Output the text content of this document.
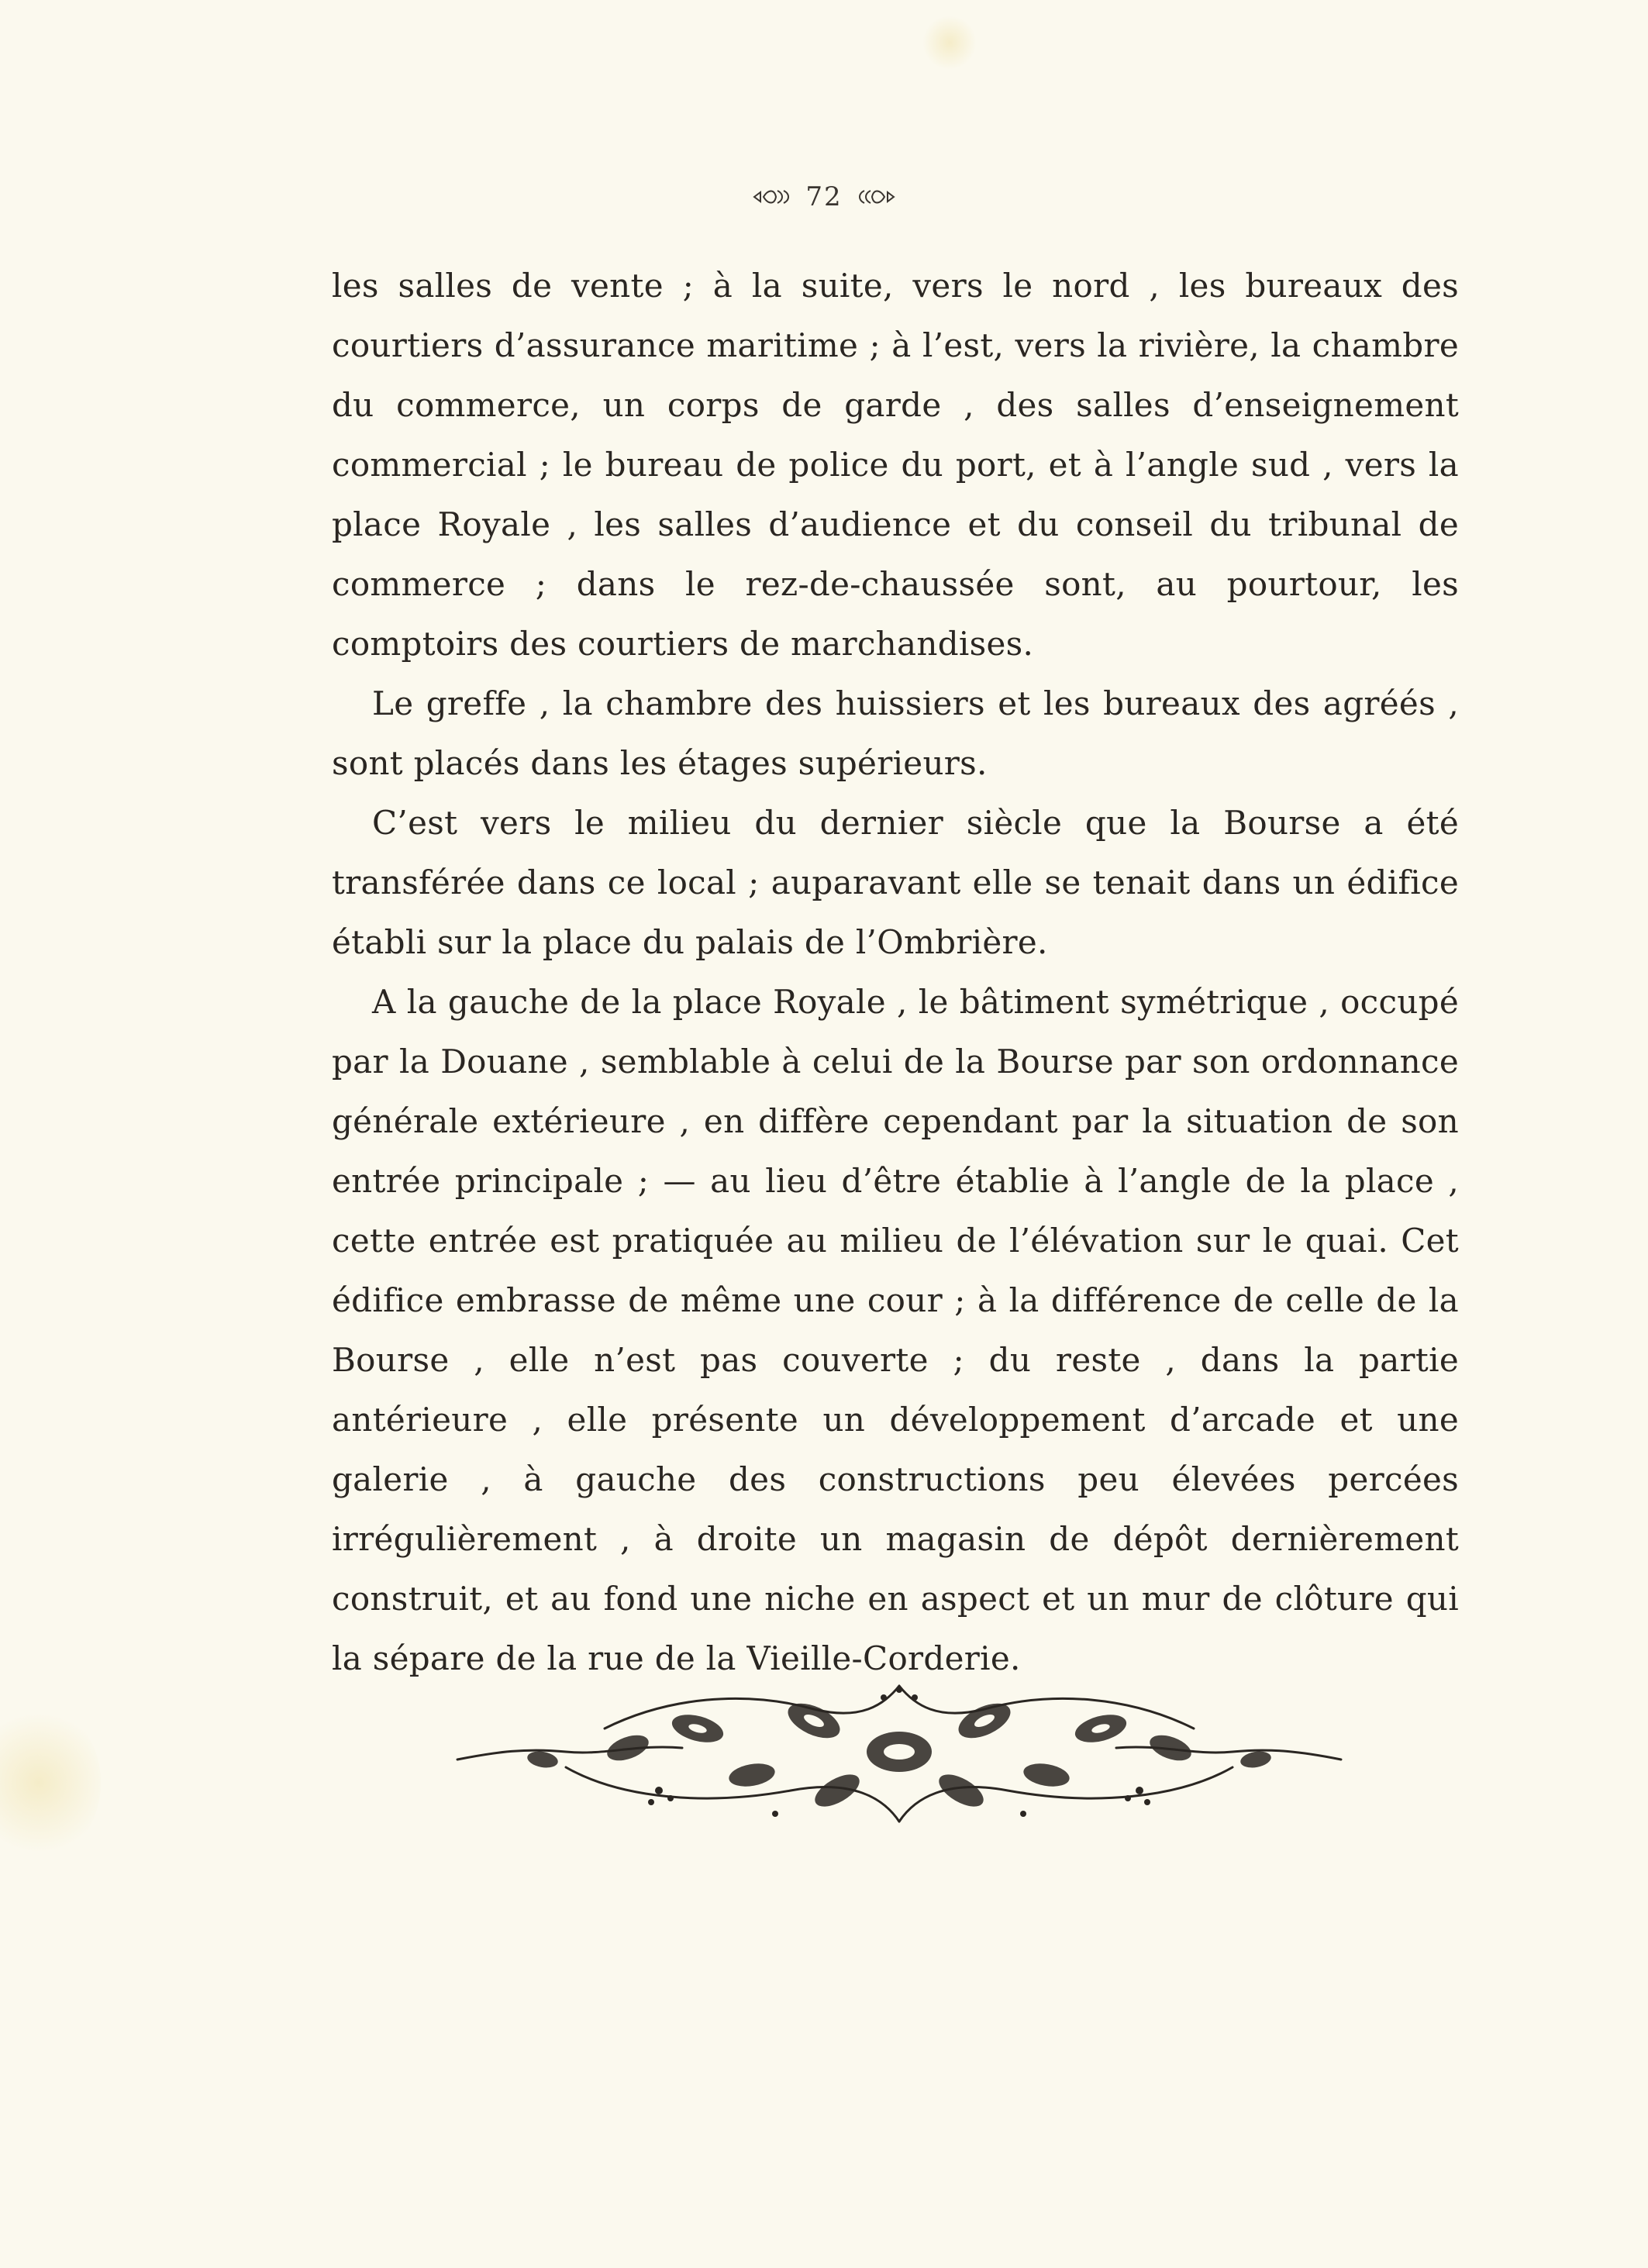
72

les salles de vente ; à la suite, vers le nord , les bureaux des courtiers d’assurance maritime ; à l’est, vers la rivière, la chambre du commerce, un corps de garde , des salles d’enseignement commercial ; le bureau de police du port, et à l’angle sud , vers la place Royale , les salles d’audience et du conseil du tribunal de commerce ; dans le rez-de-chaussée sont, au pourtour, les comptoirs des courtiers de marchandises.

Le greffe , la chambre des huissiers et les bureaux des agréés , sont placés dans les étages supérieurs.

C’est vers le milieu du dernier siècle que la Bourse a été transférée dans ce local ; auparavant elle se tenait dans un édifice établi sur la place du palais de l’Ombrière.

A la gauche de la place Royale , le bâtiment symétrique , occupé par la Douane , semblable à celui de la Bourse par son ordonnance générale extérieure , en diffère cependant par la situation de son entrée principale ; — au lieu d’être établie à l’angle de la place , cette entrée est pratiquée au milieu de l’élévation sur le quai. Cet édifice embrasse de même une cour ; à la différence de celle de la Bourse , elle n’est pas couverte ; du reste , dans la partie antérieure , elle présente un développement d’arcade et une galerie , à gauche des constructions peu élevées percées irrégulièrement , à droite un magasin de dépôt dernièrement construit, et au fond une niche en aspect et un mur de clôture qui la sépare de la rue de la Vieille-Corderie.
